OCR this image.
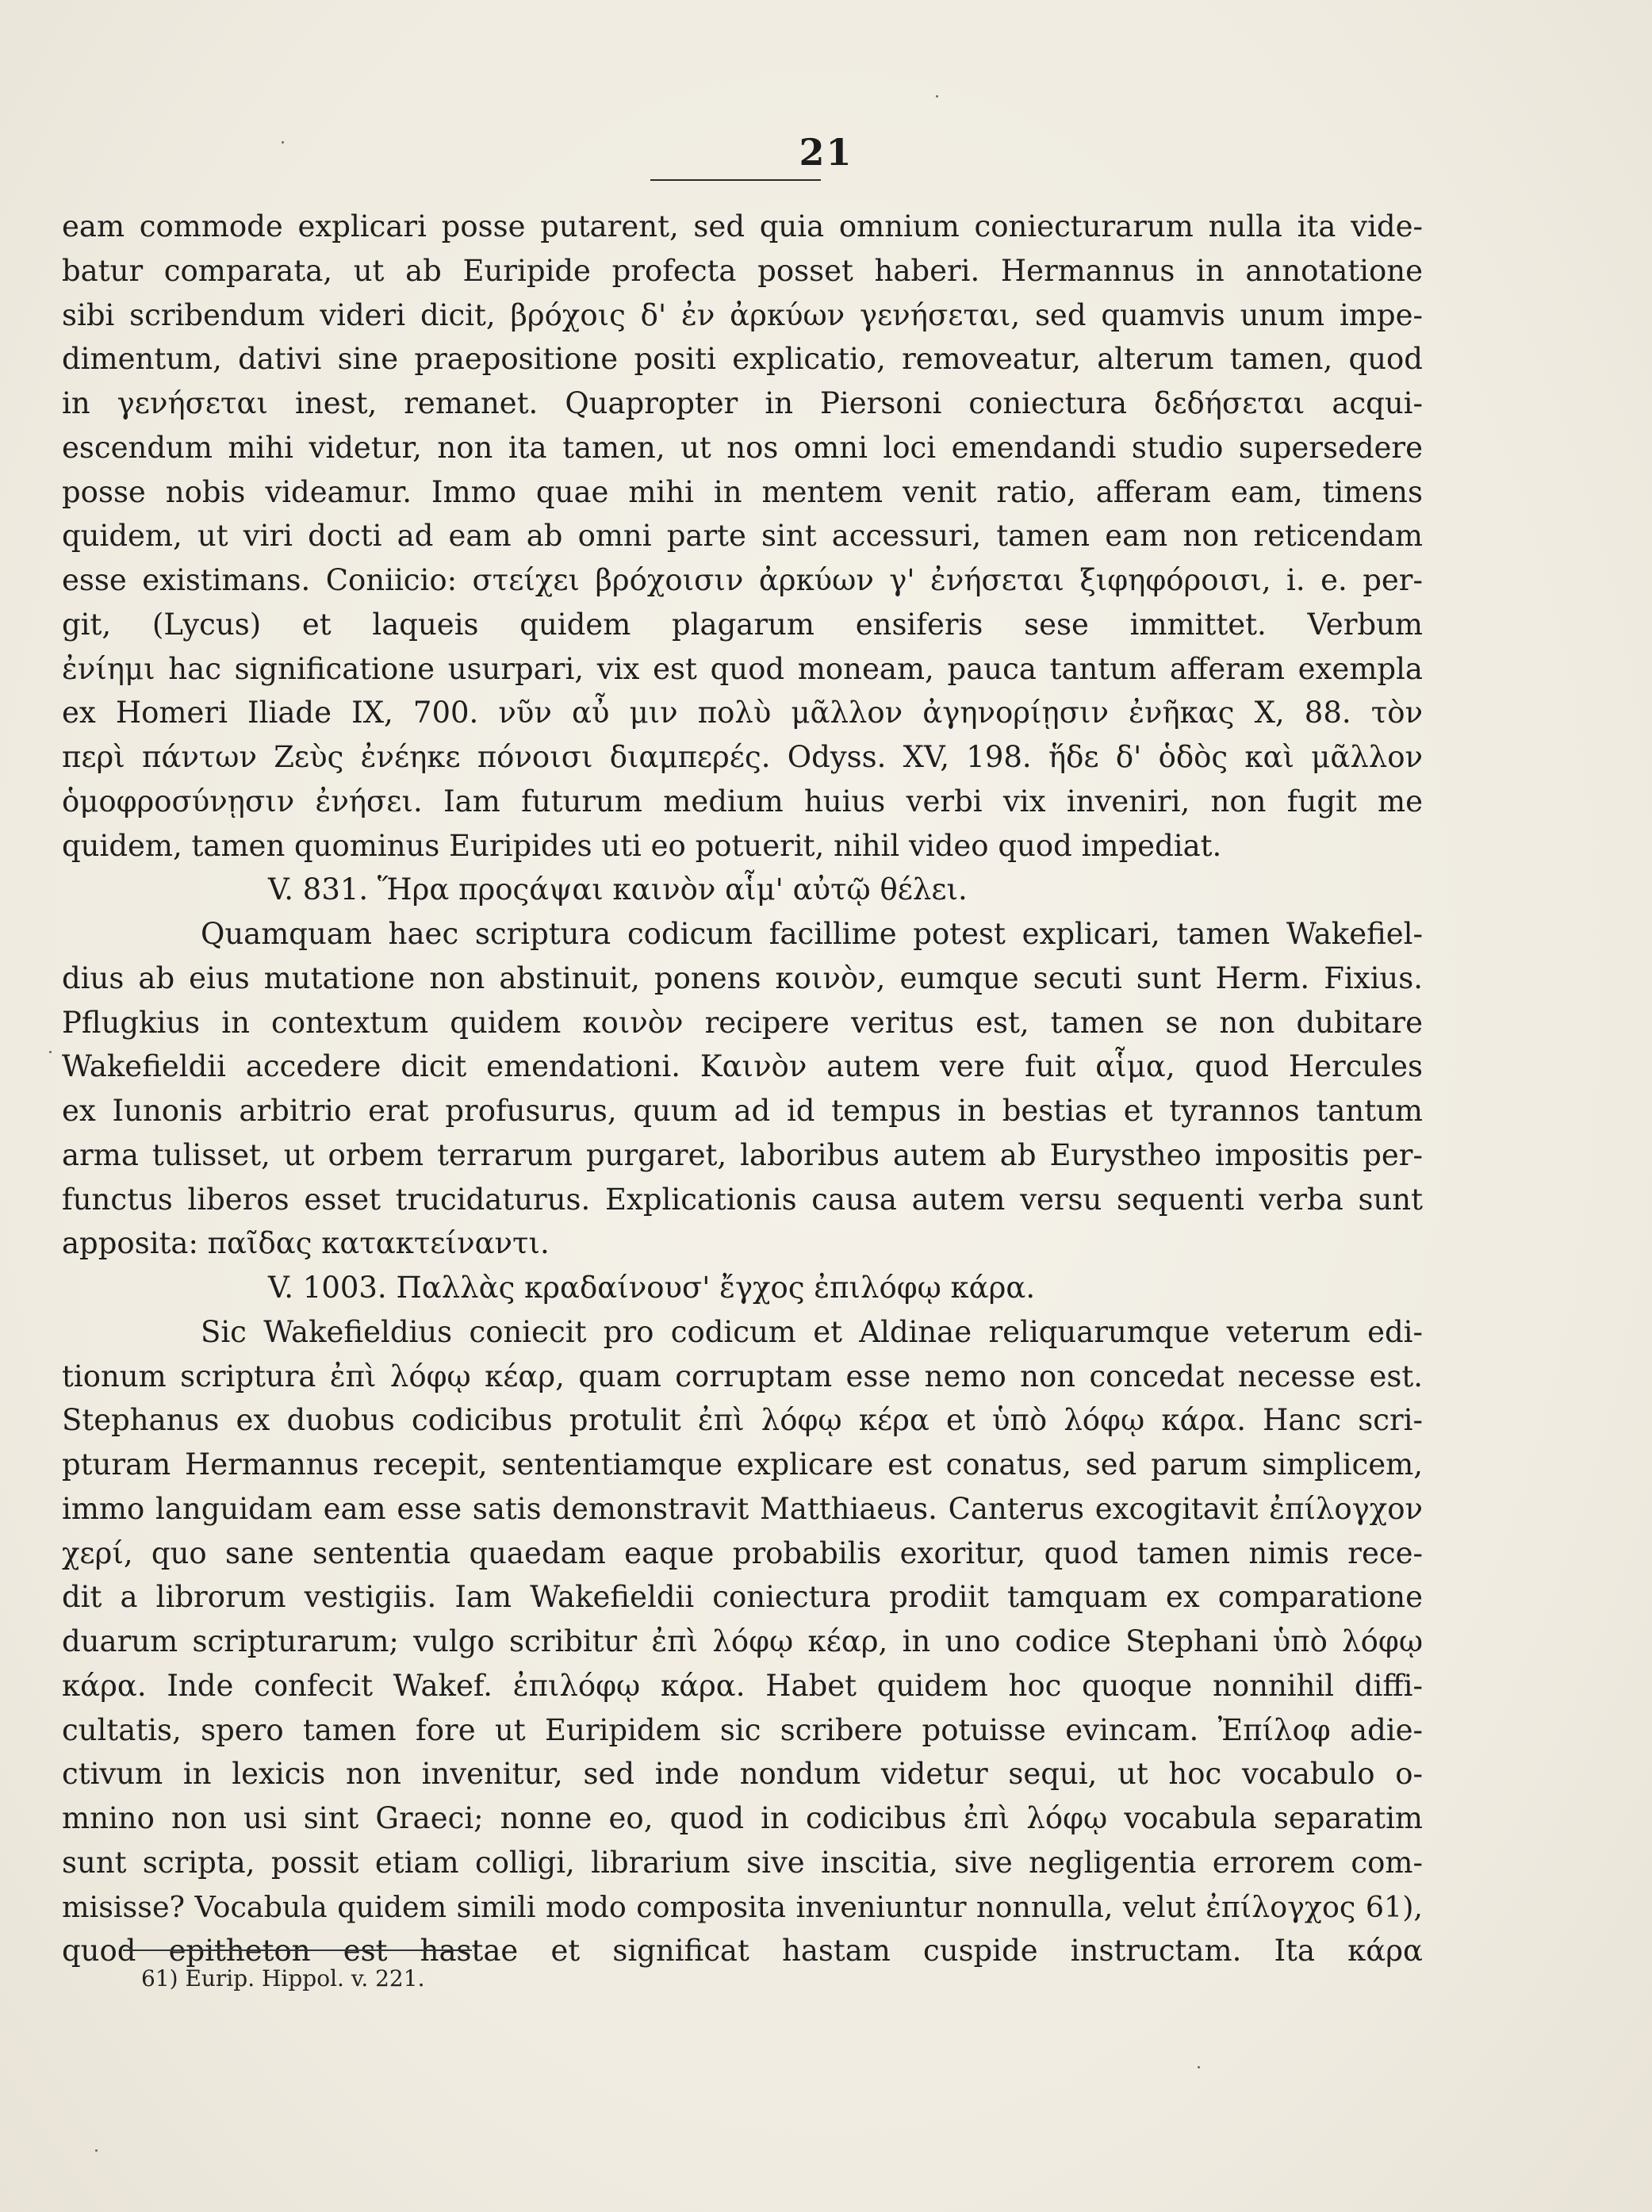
21
eam commode explicari posse putarent, sed quia omnium coniecturarum nulla ita vide-
batur comparata, ut ab Euripide profecta posset haberi. Hermannus in annotatione
sibi scribendum videri dicit, βρόχοις δ' ἐν ἀρκύων γενήσεται, sed quamvis unum impe-
dimentum, dativi sine praepositione positi explicatio, removeatur, alterum tamen, quod
in γενήσεται inest, remanet. Quapropter in Piersoni coniectura δεδήσεται acqui-
escendum mihi videtur, non ita tamen, ut nos omni loci emendandi studio supersedere
posse nobis videamur. Immo quae mihi in mentem venit ratio, afferam eam, timens
quidem, ut viri docti ad eam ab omni parte sint accessuri, tamen eam non reticendam
esse existimans. Coniicio: στείχει βρόχοισιν ἀρκύων γ' ἐνήσεται ξιφηφόροισι, i. e. per-
git, (Lycus) et laqueis quidem plagarum ensiferis sese immittet. Verbum
ἐνίημι hac significatione usurpari, vix est quod moneam, pauca tantum afferam exempla
ex Homeri Iliade IX, 700. νῦν αὖ μιν πολὺ μᾶλλον ἀγηνορίῃσιν ἐνῆκας X, 88. τὸν
περὶ πάντων Ζεὺς ἐνέηκε πόνοισι διαμπερές. Odyss. XV, 198. ἥδε δ' ὁδὸς καὶ μᾶλλον
ὁμοφροσύνῃσιν ἐνήσει. Iam futurum medium huius verbi vix inveniri, non fugit me
quidem, tamen quominus Euripides uti eo potuerit, nihil video quod impediat.
V. 831. Ἥρα προςάψαι καινὸν αἷμ' αὐτῷ θέλει.
Quamquam haec scriptura codicum facillime potest explicari, tamen Wakefiel-
dius ab eius mutatione non abstinuit, ponens κοινὸν, eumque secuti sunt Herm. Fixius.
Pflugkius in contextum quidem κοινὸν recipere veritus est, tamen se non dubitare
Wakefieldii accedere dicit emendationi. Καινὸν autem vere fuit αἷμα, quod Hercules
ex Iunonis arbitrio erat profusurus, quum ad id tempus in bestias et tyrannos tantum
arma tulisset, ut orbem terrarum purgaret, laboribus autem ab Eurystheo impositis per-
functus liberos esset trucidaturus. Explicationis causa autem versu sequenti verba sunt
apposita: παῖδας κατακτείναντι.
V. 1003. Παλλὰς κραδαίνουσ' ἔγχος ἐπιλόφῳ κάρα.
Sic Wakefieldius coniecit pro codicum et Aldinae reliquarumque veterum edi-
tionum scriptura ἐπὶ λόφῳ κέαρ, quam corruptam esse nemo non concedat necesse est.
Stephanus ex duobus codicibus protulit ἐπὶ λόφῳ κέρα et ὑπὸ λόφῳ κάρα. Hanc scri-
pturam Hermannus recepit, sententiamque explicare est conatus, sed parum simplicem,
immo languidam eam esse satis demonstravit Matthiaeus. Canterus excogitavit ἐπίλογχον
χερί, quo sane sententia quaedam eaque probabilis exoritur, quod tamen nimis rece-
dit a librorum vestigiis. Iam Wakefieldii coniectura prodiit tamquam ex comparatione
duarum scripturarum; vulgo scribitur ἐπὶ λόφῳ κέαρ, in uno codice Stephani ὑπὸ λόφῳ
κάρα. Inde confecit Wakef. ἐπιλόφῳ κάρα. Habet quidem hoc quoque nonnihil diffi-
cultatis, spero tamen fore ut Euripidem sic scribere potuisse evincam. Ἐπίλοφ adie-
ctivum in lexicis non invenitur, sed inde nondum videtur sequi, ut hoc vocabulo o-
mnino non usi sint Graeci; nonne eo, quod in codicibus ἐπὶ λόφῳ vocabula separatim
sunt scripta, possit etiam colligi, librarium sive inscitia, sive negligentia errorem com-
misisse? Vocabula quidem simili modo composita inveniuntur nonnulla, velut ἐπίλογχος 61),
quod epitheton est hastae et significat hastam cuspide instructam. Ita κάρα
61) Eurip. Hippol. v. 221.
